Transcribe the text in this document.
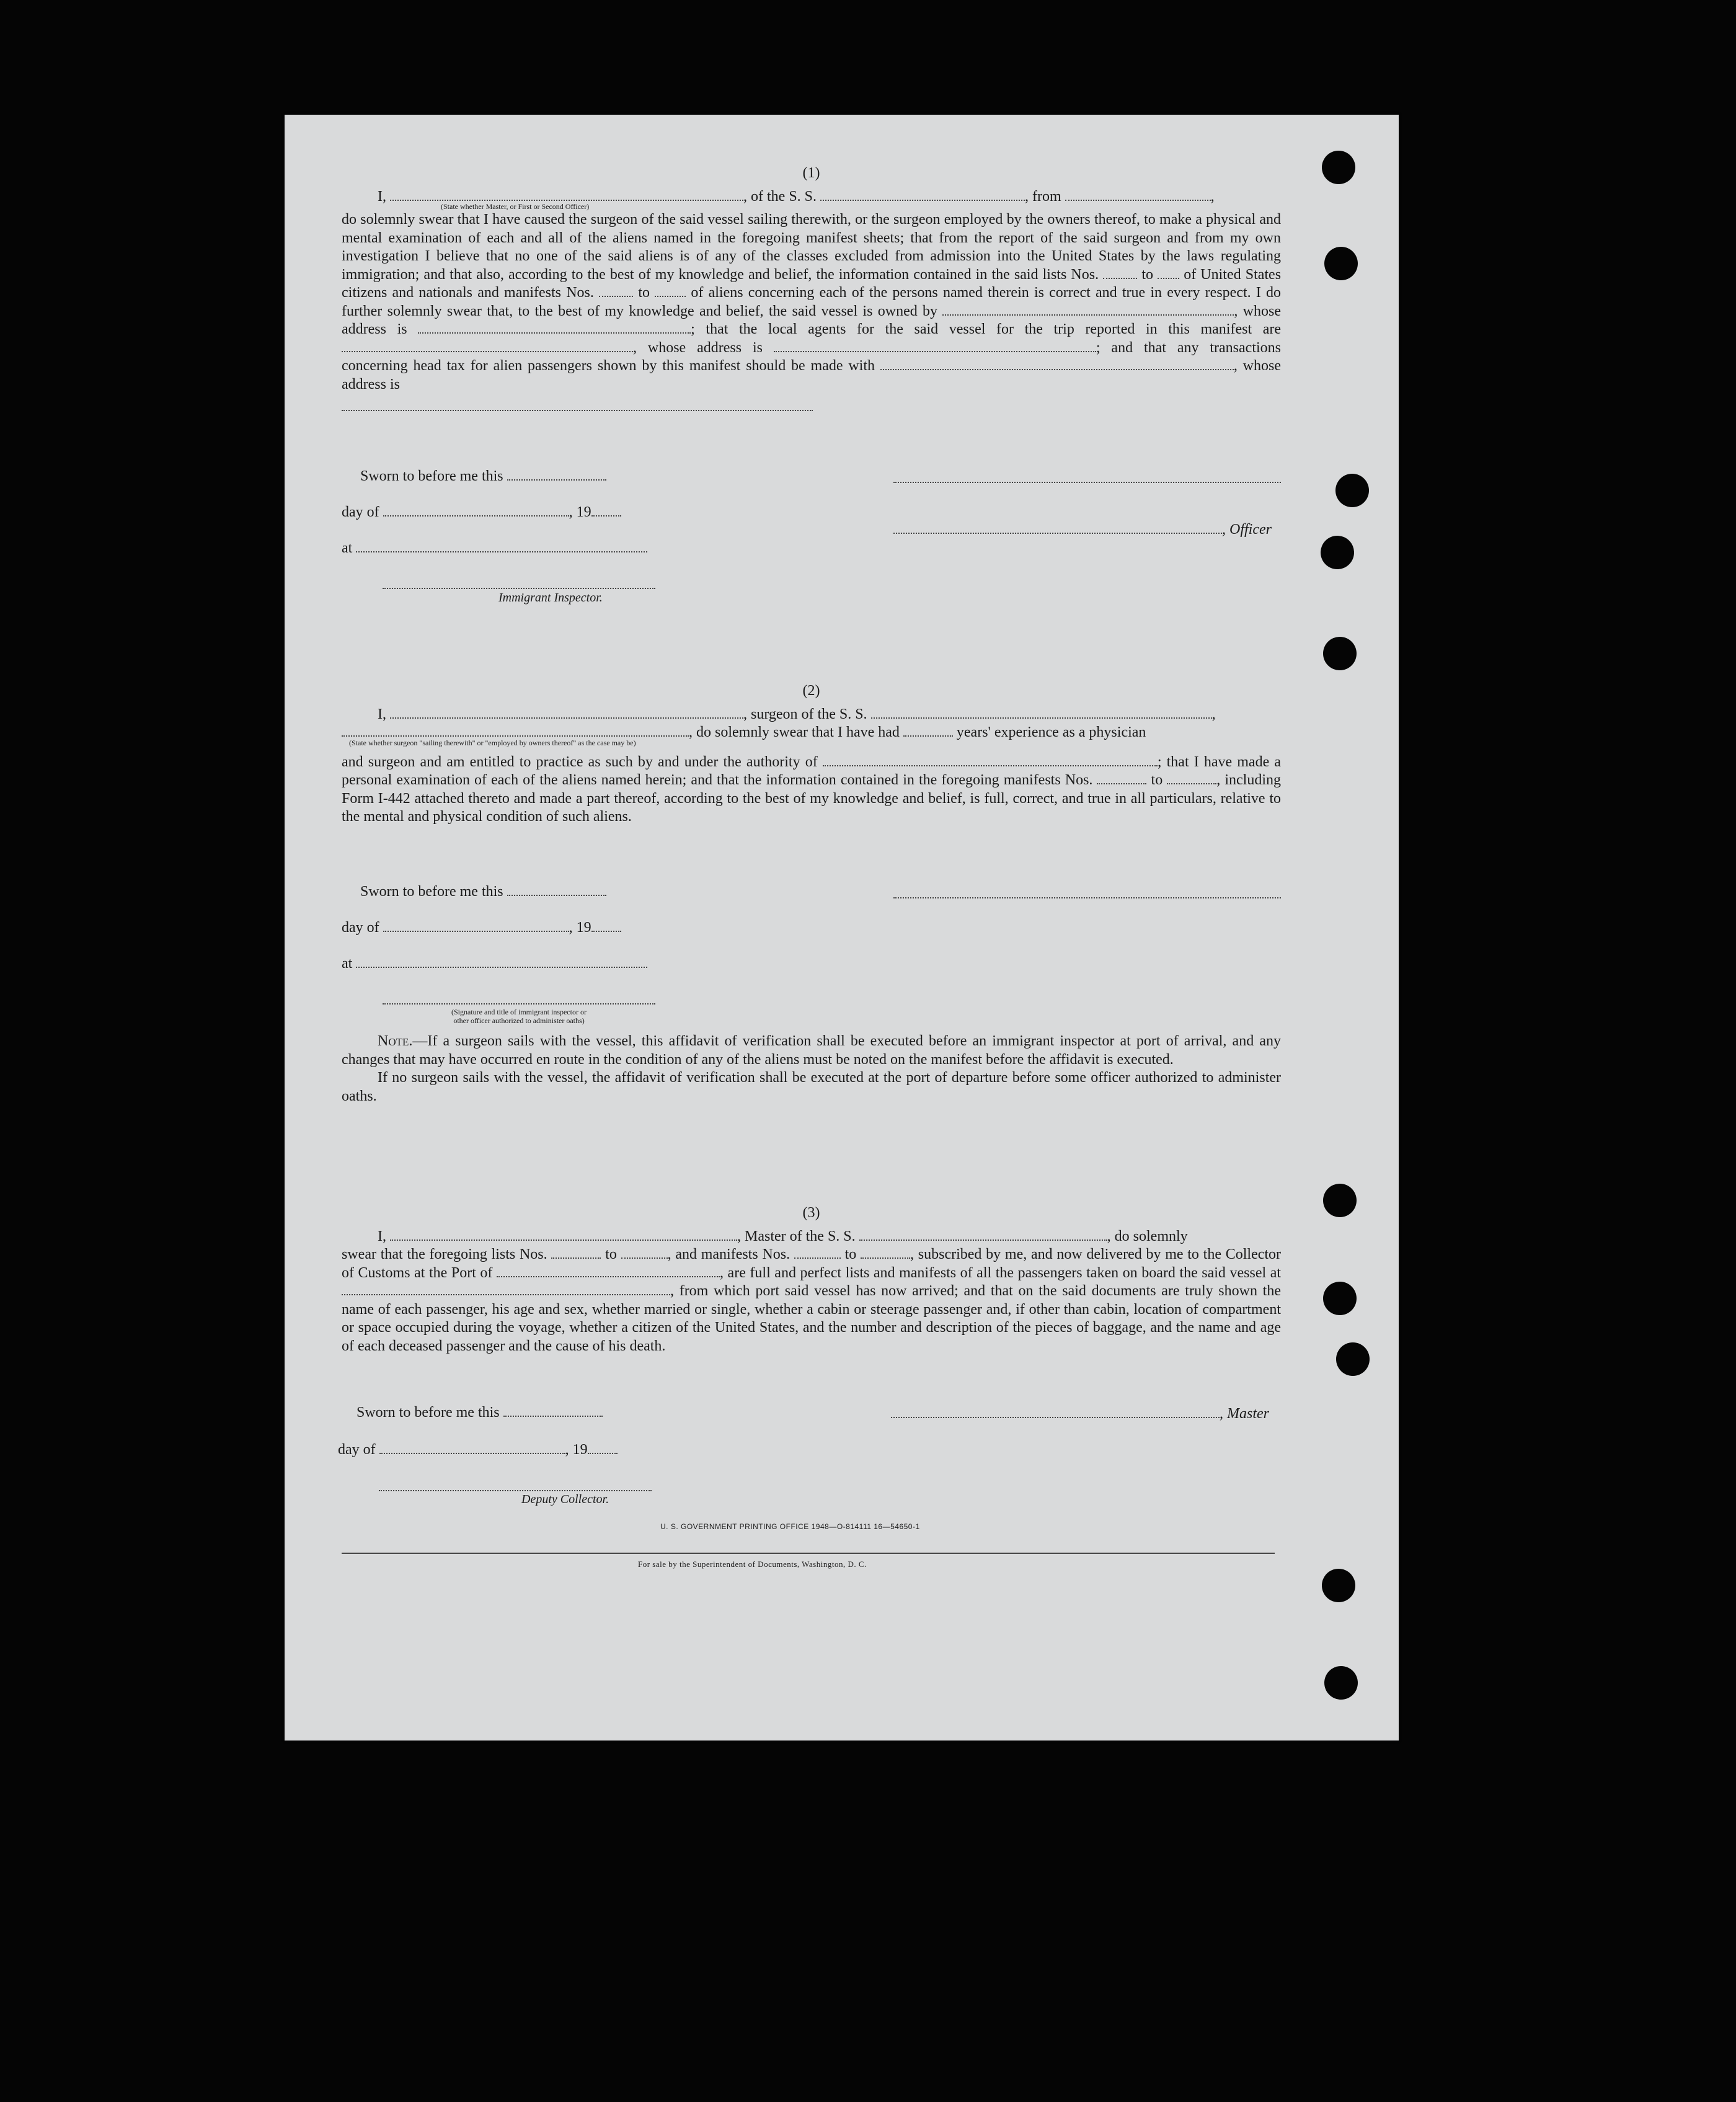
(1)

I,	, of the S. S.	, from	,

(State whether Master, or First or Second Officer)

do solemnly swear that I have caused the surgeon of the said vessel sailing therewith, or the surgeon employed by the owners thereof, to make a physical and mental examination of each and all of the aliens named in the foregoing manifest sheets; that from the report of the said surgeon and from my own investigation I believe that no one of the said aliens is of any of the classes excluded from admission into the United States by the laws regulating immigration; and that also, according to the best of my knowledge and belief, the information contained in the said lists Nos.	to of United States citizens and nationals and manifests Nos.	to	of aliens concerning each of the persons named therein is correct and true in every respect. I do further solemnly swear that, to the best of my knowledge and belief, the said vessel is owned by	, whose address is	; that the local agents for the said vessel for the trip reported in this manifest are , whose address is	; and that any transactions concerning head tax for alien passengers shown by this manifest should be made with	, whose address is

Sworn to before me this
day of	, 19
, Officer
at
Immigrant Inspector.
(2)

I,	, surgeon of the S. S.	,

, do solemnly swear that I have had	years' experience as a physician

(State whether surgeon "sailing therewith" or "employed by owners thereof" as the case may be)

and surgeon and am entitled to practice as such by and under the authority of	; that I have made a personal examination of each of the aliens named herein; and that the information contained in the foregoing manifests Nos.	to	, including Form I-442 attached thereto and made a part thereof, according to the best of my knowledge and belief, is full, correct, and true in all particulars, relative to the mental and physical condition of such aliens.

Sworn to before me this
day of	, 19
at
(Signature and title of immigrant inspector or
other officer authorized to administer oaths)

Note.—If a surgeon sails with the vessel, this affidavit of verification shall be executed before an immigrant inspector at port of arrival, and any changes that may have occurred en route in the condition of any of the aliens must be noted on the manifest before the affidavit is executed.

If no surgeon sails with the vessel, the affidavit of verification shall be executed at the port of departure before some officer authorized to administer oaths.

(3)

I,	, Master of the S. S.	, do solemnly

swear that the foregoing lists Nos.	to	, and manifests Nos.	to	, subscribed by me, and now delivered by me to the Collector of Customs at the Port of	, are full and perfect lists and manifests of all the passengers taken on board the said vessel at , from which port said vessel has now arrived; and that on the said documents are truly shown the name of each passenger, his age and sex, whether married or single, whether a cabin or steerage passenger and, if other than cabin, location of compartment or space occupied during the voyage, whether a citizen of the United States, and the number and description of the pieces of baggage, and the name and age of each deceased passenger and the cause of his death.

Sworn to before me this	, Master
day of	, 19
Deputy Collector.
U. S. GOVERNMENT PRINTING OFFICE 1948—O-814111 16—54650-1
For sale by the Superintendent of Documents, Washington, D. C.
